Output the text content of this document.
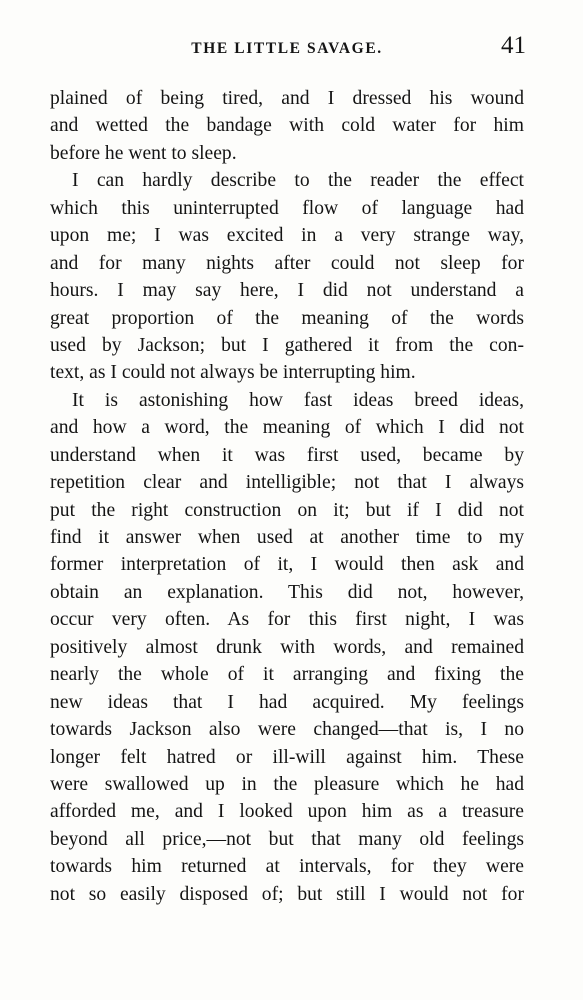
THE LITTLE SAVAGE.	41
plained of being tired, and I dressed his wound
and wetted the bandage with cold water for him
before he went to sleep.
I can hardly describe to the reader the effect
which this uninterrupted flow of language had
upon me; I was excited in a very strange way,
and for many nights after could not sleep for
hours. I may say here, I did not understand a
great proportion of the meaning of the words
used by Jackson; but I gathered it from the con-
text, as I could not always be interrupting him.
It is astonishing how fast ideas breed ideas,
and how a word, the meaning of which I did not
understand when it was first used, became by
repetition clear and intelligible; not that I always
put the right construction on it; but if I did not
find it answer when used at another time to my
former interpretation of it, I would then ask and
obtain an explanation. This did not, however,
occur very often. As for this first night, I was
positively almost drunk with words, and remained
nearly the whole of it arranging and fixing the
new ideas that I had acquired. My feelings
towards Jackson also were changed—that is, I no
longer felt hatred or ill-will against him. These
were swallowed up in the pleasure which he had
afforded me, and I looked upon him as a treasure
beyond all price,—not but that many old feelings
towards him returned at intervals, for they were
not so easily disposed of; but still I would not for
